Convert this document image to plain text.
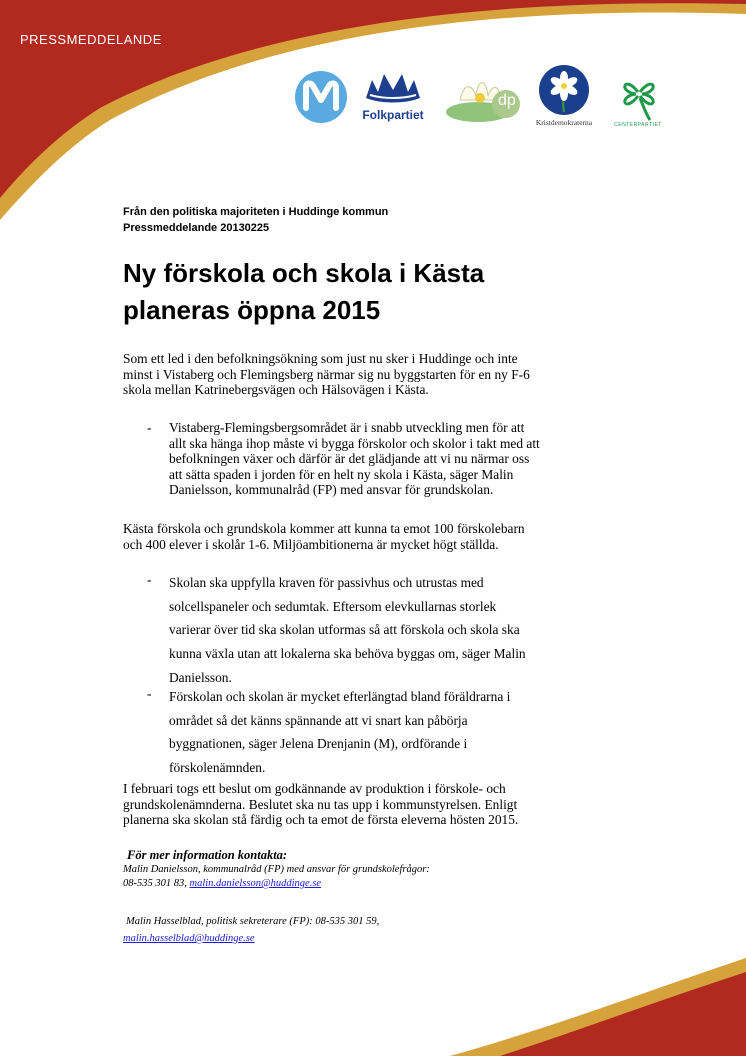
PRESSMEDDELANDE
Folkpartiet
dp
Kristdemokraterna	CENTERPARTIET
Från den politiska majoriteten i Huddinge kommun
Pressmeddelande 20130225
Ny förskola och skola i Kästa
planeras öppna 2015
Som ett led i den befolkningsökning som just nu sker i Huddinge och inte
minst i Vistaberg och Flemingsberg närmar sig nu byggstarten för en ny F-6
skola mellan Katrinebergsvägen och Hälsovägen i Kästa.
- Vistaberg-Flemingsbergsområdet är i snabb utveckling men för att
allt ska hänga ihop måste vi bygga förskolor och skolor i takt med att
befolkningen växer och därför är det glädjande att vi nu närmar oss
att sätta spaden i jorden för en helt ny skola i Kästa, säger Malin
Danielsson, kommunalråd (FP) med ansvar för grundskolan.
Kästa förskola och grundskola kommer att kunna ta emot 100 förskolebarn
och 400 elever i skolår 1-6. Miljöambitionerna är mycket högt ställda.
- Skolan ska uppfylla kraven för passivhus och utrustas med
solcellspaneler och sedumtak. Eftersom elevkullarnas storlek
varierar över tid ska skolan utformas så att förskola och skola ska
kunna växla utan att lokalerna ska behöva byggas om, säger Malin
Danielsson.
- Förskolan och skolan är mycket efterlängtad bland föräldrarna i
området så det känns spännande att vi snart kan påbörja
byggnationen, säger Jelena Drenjanin (M), ordförande i
förskolenämnden.
I februari togs ett beslut om godkännande av produktion i förskole- och
grundskolenämnderna. Beslutet ska nu tas upp i kommunstyrelsen. Enligt
planerna ska skolan stå färdig och ta emot de första eleverna hösten 2015.
För mer information kontakta:
Malin Danielsson, kommunalråd (FP) med ansvar för grundskolefrågor:
08-535 301 83, malin.danielsson@huddinge.se
Malin Hasselblad, politisk sekreterare (FP): 08-535 301 59,
malin.hasselblad@huddinge.se
